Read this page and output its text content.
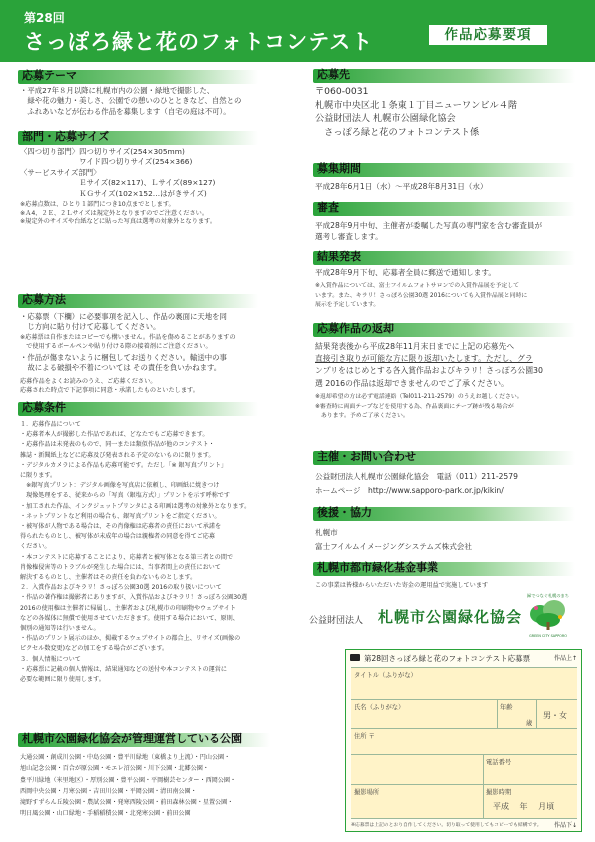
第28回
さっぽろ緑と花のフォトコンテスト	作品応募要項
応募テーマ
・平成27年８月以降に札幌市内の公園・緑地で撮影した、
　緑や花の魅力・美しさ、公園での憩いのひとときなど、自然との
　ふれあいなどが伝わる作品を募集します（自宅の庭は不可）。
部門・応募サイズ
〈四つ切り部門〉四つ切りサイズ(254×305mm)
　　　　　　　　ワイド四つ切りサイズ(254×366)
〈サービスサイズ部門〉
　　　　　　　　Ｅサイズ(82×117)、Ｌサイズ(89×127)
　　　　　　　　ＫＧサイズ(102×152…はがきサイズ)
※応募点数は、ひとり１部門につき10点までとします。
※Ａ4、２Ｅ、２Ｌサイズは規定外となりますのでご注意ください。
※規定外のサイズや台紙などに貼った写真は選考の対象外となります。
応募方法
・応募票（下欄）に必要事項を記入し、作品の裏面に天地を同
　じ方向に貼り付けて応募してください。
※応募票は自作またはコピーでも構いません。作品を傷めることがありますの
　で使用するボールペンや貼り付ける際の接着剤にご注意ください。
・作品が傷まないように梱包してお送りください。輸送中の事
　故による破損や不着については その責任を負いかねます。
応募作品をよくお読みのうえ、ご応募ください。
応募された時点で下記事項に同意・承諾したものといたします。
応募条件
１．応募作品について
・応募者本人が撮影した作品であれば、どなたでもご応募できます。
・応募作品は未発表のもので、同一または類似作品が他のコンテスト・
雑誌・新聞紙上などに応募及び発表される予定のないものに限ります。
・デジタルカメラによる作品も応募可能です。ただし「※ 銀写真プリント」
に限ります。
　※銀写真プリント：デジタル画像を写真店に依頼し、印画紙に焼きつけ
　現像処理をする、従来からの「写真（銀塩方式）」プリントを示す呼称です
・加工された作品、インクジェットプリンタによる印画は選考の対象外となります。
・ネットプリントなど利用の場合も、銀写真プリントをご指定ください。
・被写体が人物である場合は、その肖像権は応募者の責任において承諾を
得られたものとし、被写体が未成年の場合は親権者の同意を得てご応募
ください。
・本コンテストに応募することにより、応募者と被写体となる第三者との間で
肖像権侵害等のトラブルが発生した場合には、当事者間上の責任において
解決するものとし、主催者はその責任を負わないものとします。
２．入賞作品およびキラリ！さっぽろ公園30選 2016の取り扱いについて
・作品の著作権は撮影者にありますが、入賞作品およびキラリ！さっぽろ公園30選
2016の使用権は主催者に帰属し、主催者および札幌市の印刷物やウェブサイト
などの各媒体に無償で使用させていただきます。使用する場合において、原則、
個別の通知等は行いません。
・作品のプリント展示のほか、掲載するウェブサイトの都合上、リサイズ(画像の
ピクセル数変更)などの加工をする場合がございます。
３．個人情報について
・応募票に記載の個人情報は、結果通知などの送付や本コンテストの運営に
必要な範囲に限り使用します。
札幌市公園緑化協会が管理運営している公園
大通公園・創成川公園・中島公園・豊平川緑地（東橋より上流）・円山公園・
旭山記念公園・百合が原公園・モエレ沼公園・川下公園・北郷公園・
豊平川緑地（米里地区）・厚別公園・豊平公園・平岡樹芸センター・西岡公園・
西岡中央公園・月寒公園・吉田川公園・平岡公園・清田南公園・
滝野すずらん丘陵公園・農試公園・発寒西陵公園・前田森林公園・星置公園・
明日風公園・山口緑地・手稲稲積公園・北発寒公園・前田公園
応募先
〒060-0031
札幌市中央区北１条東１丁目ニューワンビル４階
公益財団法人 札幌市公園緑化協会
　さっぽろ緑と花のフォトコンテスト係
募集期間
平成28年6月1日（水）～平成28年8月31日（水）
審査
平成28年9月中旬、主催者が委嘱した写真の専門家を含む審査員が
選考し審査します。
結果発表
平成28年9月下旬、応募者全員に郵送で通知します。
※入賞作品については、富士フイルムフォトサロンでの入賞作品展を予定して
います。また、キラリ！さっぽろ公園30選 2016についても入賞作品展と同時に
展示を予定しています。
応募作品の返却
結果発表後から平成28年11月末日までに上記の応募先へ
直接引き取りが可能な方に限り返却いたします。ただし、グラ
ンプリをはじめとする各入賞作品およびキラリ！さっぽろ公園30
選 2016の作品は返却できませんのでご了承ください。
※返却希望の方は必ず電話連絡（Tel011-211-2579）のうえお越しください。
※審査時に両面テープなどを使用する為、作品裏面にテープ跡が残る場合が
　あります。予めご了承ください。
主催・お問い合わせ
公益財団法人札幌市公園緑化協会　電話（011）211-2579
ホームページ　http://www.sapporo-park.or.jp/kikin/
後援・協力
札幌市
富士フイルムイメージングシステムズ株式会社
札幌市都市緑化基金事業
この事業は皆様からいただいた寄金の運用益で実施しています
公益財団法人 札幌市公園緑化協会
緑でつなぐ札幌のまち
GREEN CITY SAPPORO
第28回さっぽろ緑と花のフォトコンテスト応募票	作品上↑
タイトル（ふりがな）
氏名（ふりがな）	年齢
歳
男・女
住所 〒
電話番号
撮影場所	撮影時期
平成　 年　 月頃
※応募票は上記のとおり自作してください。切り取って使用してもコピーでも結構です。 作品下↓
